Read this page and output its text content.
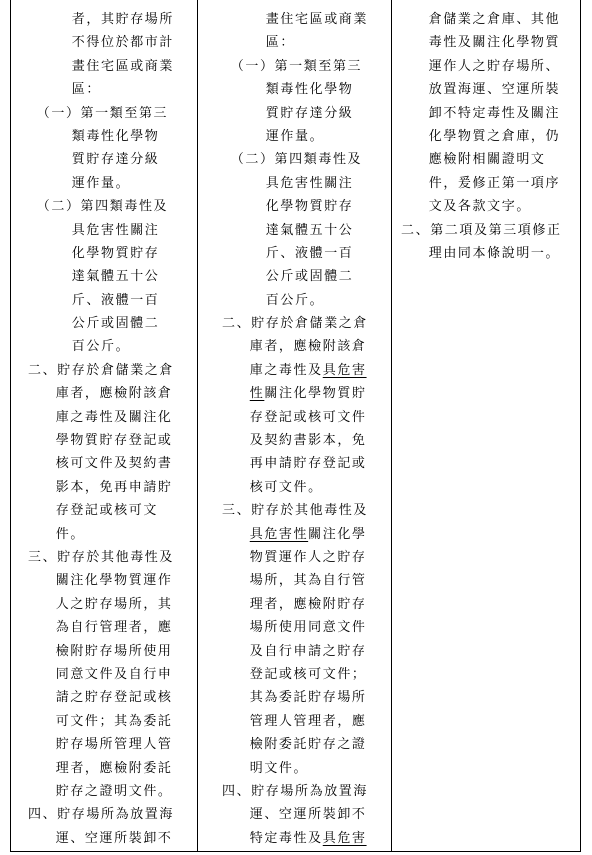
者，其貯存場所
不得位於都市計
畫住宅區或商業
區：
（一）第一類至第三
類毒性化學物
質貯存達分級
運作量。
（二）第四類毒性及
具危害性關注
化學物質貯存
達氣體五十公
斤、液體一百
公斤或固體二
百公斤。
二、貯存於倉儲業之倉
庫者，應檢附該倉
庫之毒性及關注化
學物質貯存登記或
核可文件及契約書
影本，免再申請貯
存登記或核可文
件。
三、貯存於其他毒性及
關注化學物質運作
人之貯存場所，其
為自行管理者，應
檢附貯存場所使用
同意文件及自行申
請之貯存登記或核
可文件；其為委託
貯存場所管理人管
理者，應檢附委託
貯存之證明文件。
四、貯存場所為放置海
運、空運所裝卸不
畫住宅區或商業
區：
（一）第一類至第三
類毒性化學物
質貯存達分級
運作量。
（二）第四類毒性及
具危害性關注
化學物質貯存
達氣體五十公
斤、液體一百
公斤或固體二
百公斤。
二、貯存於倉儲業之倉
庫者，應檢附該倉
庫之毒性及具危害
性關注化學物質貯
存登記或核可文件
及契約書影本，免
再申請貯存登記或
核可文件。
三、貯存於其他毒性及
具危害性關注化學
物質運作人之貯存
場所，其為自行管
理者，應檢附貯存
場所使用同意文件
及自行申請之貯存
登記或核可文件；
其為委託貯存場所
管理人管理者，應
檢附委託貯存之證
明文件。
四、貯存場所為放置海
運、空運所裝卸不
特定毒性及具危害
倉儲業之倉庫、其他
毒性及關注化學物質
運作人之貯存場所、
放置海運、空運所裝
卸不特定毒性及關注
化學物質之倉庫，仍
應檢附相關證明文
件，爰修正第一項序
文及各款文字。
二、第二項及第三項修正
理由同本條說明一。
